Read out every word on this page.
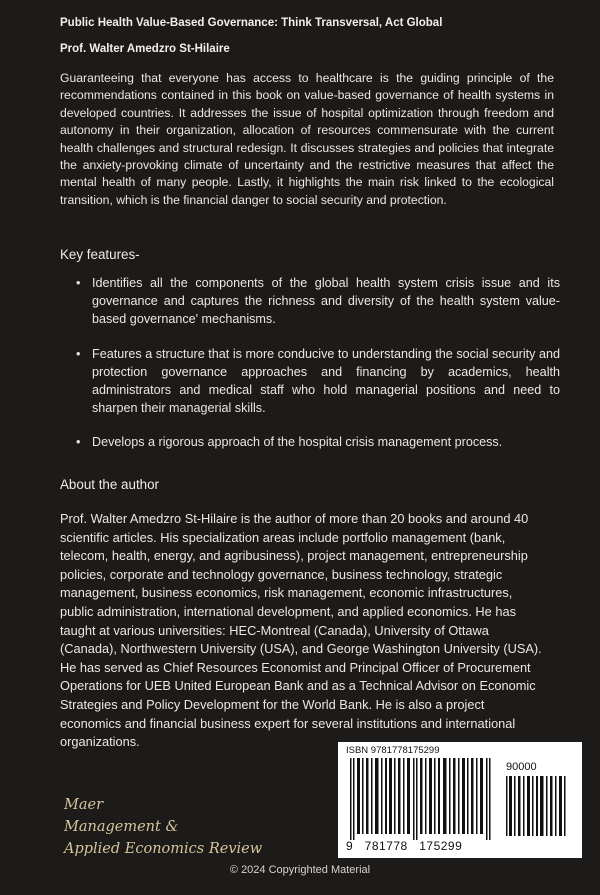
Public Health Value-Based Governance: Think Transversal, Act Global
Prof. Walter Amedzro St-Hilaire

Guaranteeing that everyone has access to healthcare is the guiding principle of the recommendations contained in this book on value-based governance of health systems in developed countries. It addresses the issue of hospital optimization through freedom and autonomy in their organization, allocation of resources commensurate with the current health challenges and structural redesign. It discusses strategies and policies that integrate the anxiety-provoking climate of uncertainty and the restrictive measures that affect the mental health of many people. Lastly, it highlights the main risk linked to the ecological transition, which is the financial danger to social security and protection.

Key features-
• Identifies all the components of the global health system crisis issue and its governance and captures the richness and diversity of the health system value-based governance' mechanisms.
• Features a structure that is more conducive to understanding the social security and protection governance approaches and financing by academics, health administrators and medical staff who hold managerial positions and need to sharpen their managerial skills.
• Develops a rigorous approach of the hospital crisis management process.
About the author

Prof. Walter Amedzro St-Hilaire is the author of more than 20 books and around 40 scientific articles. His specialization areas include portfolio management (bank, telecom, health, energy, and agribusiness), project management, entrepreneurship policies, corporate and technology governance, business technology, strategic management, business economics, risk management, economic infrastructures, public administration, international development, and applied economics. He has taught at various universities: HEC-Montreal (Canada), University of Ottawa (Canada), Northwestern University (USA), and George Washington University (USA). He has served as Chief Resources Economist and Principal Officer of Procurement Operations for UEB United European Bank and as a Technical Advisor on Economic Strategies and Policy Development for the World Bank. He is also a project economics and financial business expert for several institutions and international organizations.

ISBN 9781778175299
90000
9   781778   175299
Maer
Management &
Applied Economics Review
© 2024 Copyrighted Material
